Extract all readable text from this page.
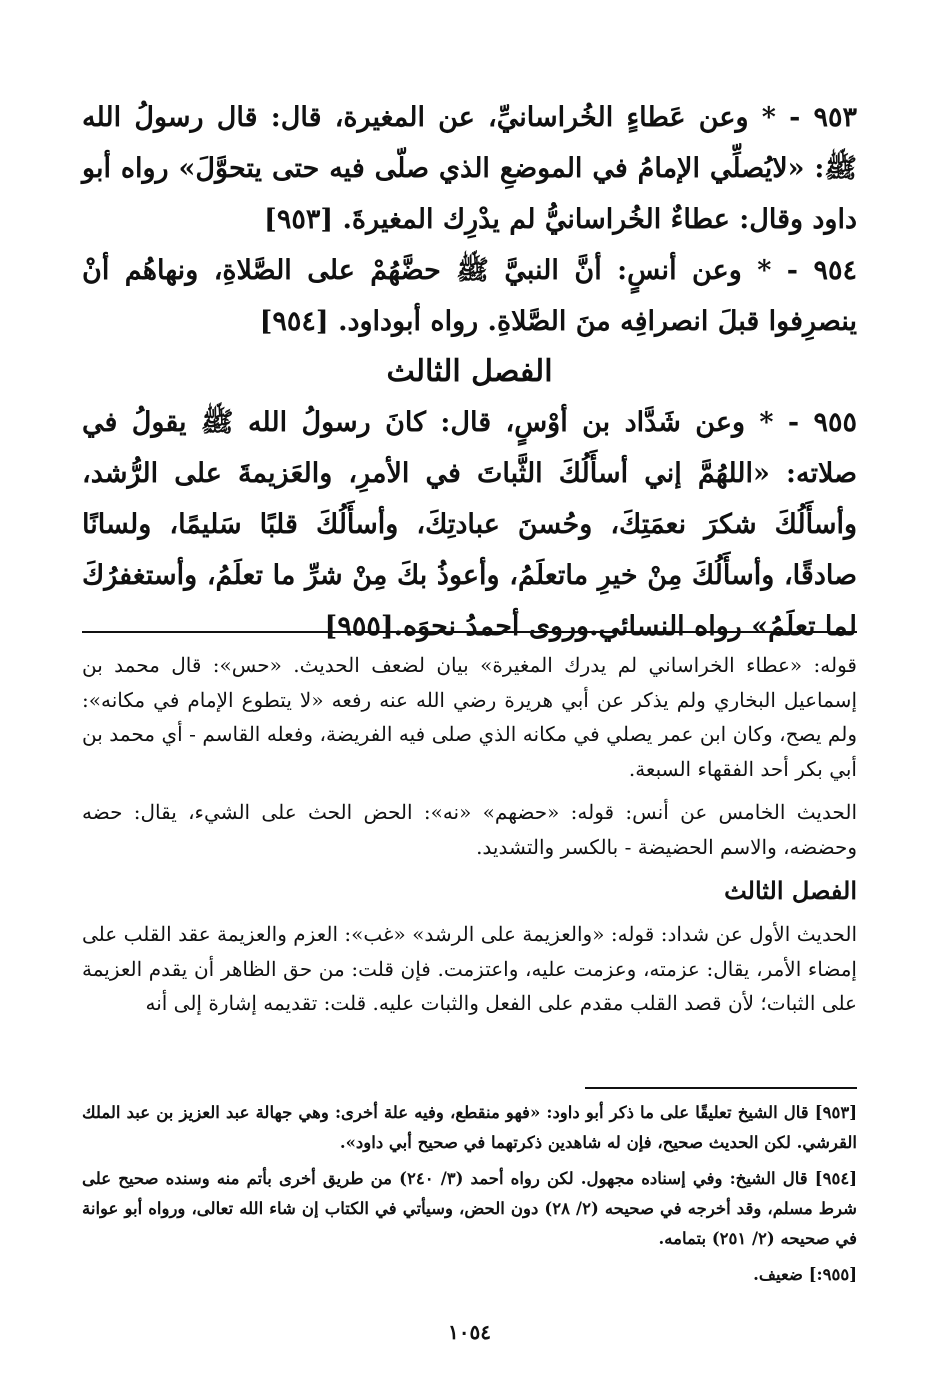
٩٥٣ - * وعن عَطاءٍ الخُراسانيِّ، عن المغيرة، قال: قال رسولُ الله ﷺ: «لايُصلِّي الإمامُ في الموضعِ الذي صلّى فيه حتى يتحوَّلَ» رواه أبو داود وقال: عطاءٌ الخُراسانيُّ لم يدْرِك المغيرةَ. [٩٥٣]

٩٥٤ - * وعن أنسٍ: أنَّ النبيَّ ﷺ حضَّهُمْ على الصَّلاةِ، ونهاهُم أنْ ينصرِفوا قبلَ انصرافِه منَ الصَّلاةِ. رواه أبوداود. [٩٥٤]

الفصل الثالث

٩٥٥ - * وعن شَدَّاد بن أوْسٍ، قال: كانَ رسولُ الله ﷺ يقولُ في صلاته: «اللهُمَّ إني أسأَلُكَ الثَّباتَ في الأمرِ، والعَزيمةَ على الرُّشد، وأسأَلُكَ شكرَ نعمَتِكَ، وحُسنَ عبادتِكَ، وأسأَلُكَ قلبًا سَليمًا، ولسانًا صادقًا، وأسأَلُكَ مِنْ خيرِ ماتعلَمُ، وأعوذُ بكَ مِنْ شرِّ ما تعلَمُ، وأستغفرُكَ لما تعلَمُ» رواه النسائي.وروى أحمدُ نحوَه.[٩٥٥]

قوله: «عطاء الخراساني لم يدرك المغيرة» بيان لضعف الحديث. «حس»: قال محمد بن إسماعيل البخاري ولم يذكر عن أبي هريرة رضي الله عنه رفعه «لا يتطوع الإمام في مكانه»: ولم يصح، وكان ابن عمر يصلي في مكانه الذي صلى فيه الفريضة، وفعله القاسم - أي محمد بن أبي بكر أحد الفقهاء السبعة.

الحديث الخامس عن أنس: قوله: «حضهم» «نه»: الحض الحث على الشيء، يقال: حضه وحضضه، والاسم الحضيضة - بالكسر والتشديد.

الفصل الثالث

الحديث الأول عن شداد: قوله: «والعزيمة على الرشد» «غب»: العزم والعزيمة عقد القلب على إمضاء الأمر، يقال: عزمته، وعزمت عليه، واعتزمت. فإن قلت: من حق الظاهر أن يقدم العزيمة على الثبات؛ لأن قصد القلب مقدم على الفعل والثبات عليه. قلت: تقديمه إشارة إلى أنه

[٩٥٣] قال الشيخ تعليقًا على ما ذكر أبو داود: «فهو منقطع، وفيه علة أخرى: وهي جهالة عبد العزيز بن عبد الملك القرشي. لكن الحديث صحيح، فإن له شاهدين ذكرتهما في صحيح أبي داود».

[٩٥٤] قال الشيخ: وفي إسناده مجهول. لكن رواه أحمد (٣/ ٢٤٠) من طريق أخرى بأتم منه وسنده صحيح على شرط مسلم، وقد أخرجه في صحيحه (٢/ ٢٨) دون الحض، وسيأتي في الكتاب إن شاء الله تعالى، ورواه أبو عوانة في صحيحه (٢/ ٢٥١) بتمامه.

[٩٥٥:] ضعيف.

١٠٥٤
